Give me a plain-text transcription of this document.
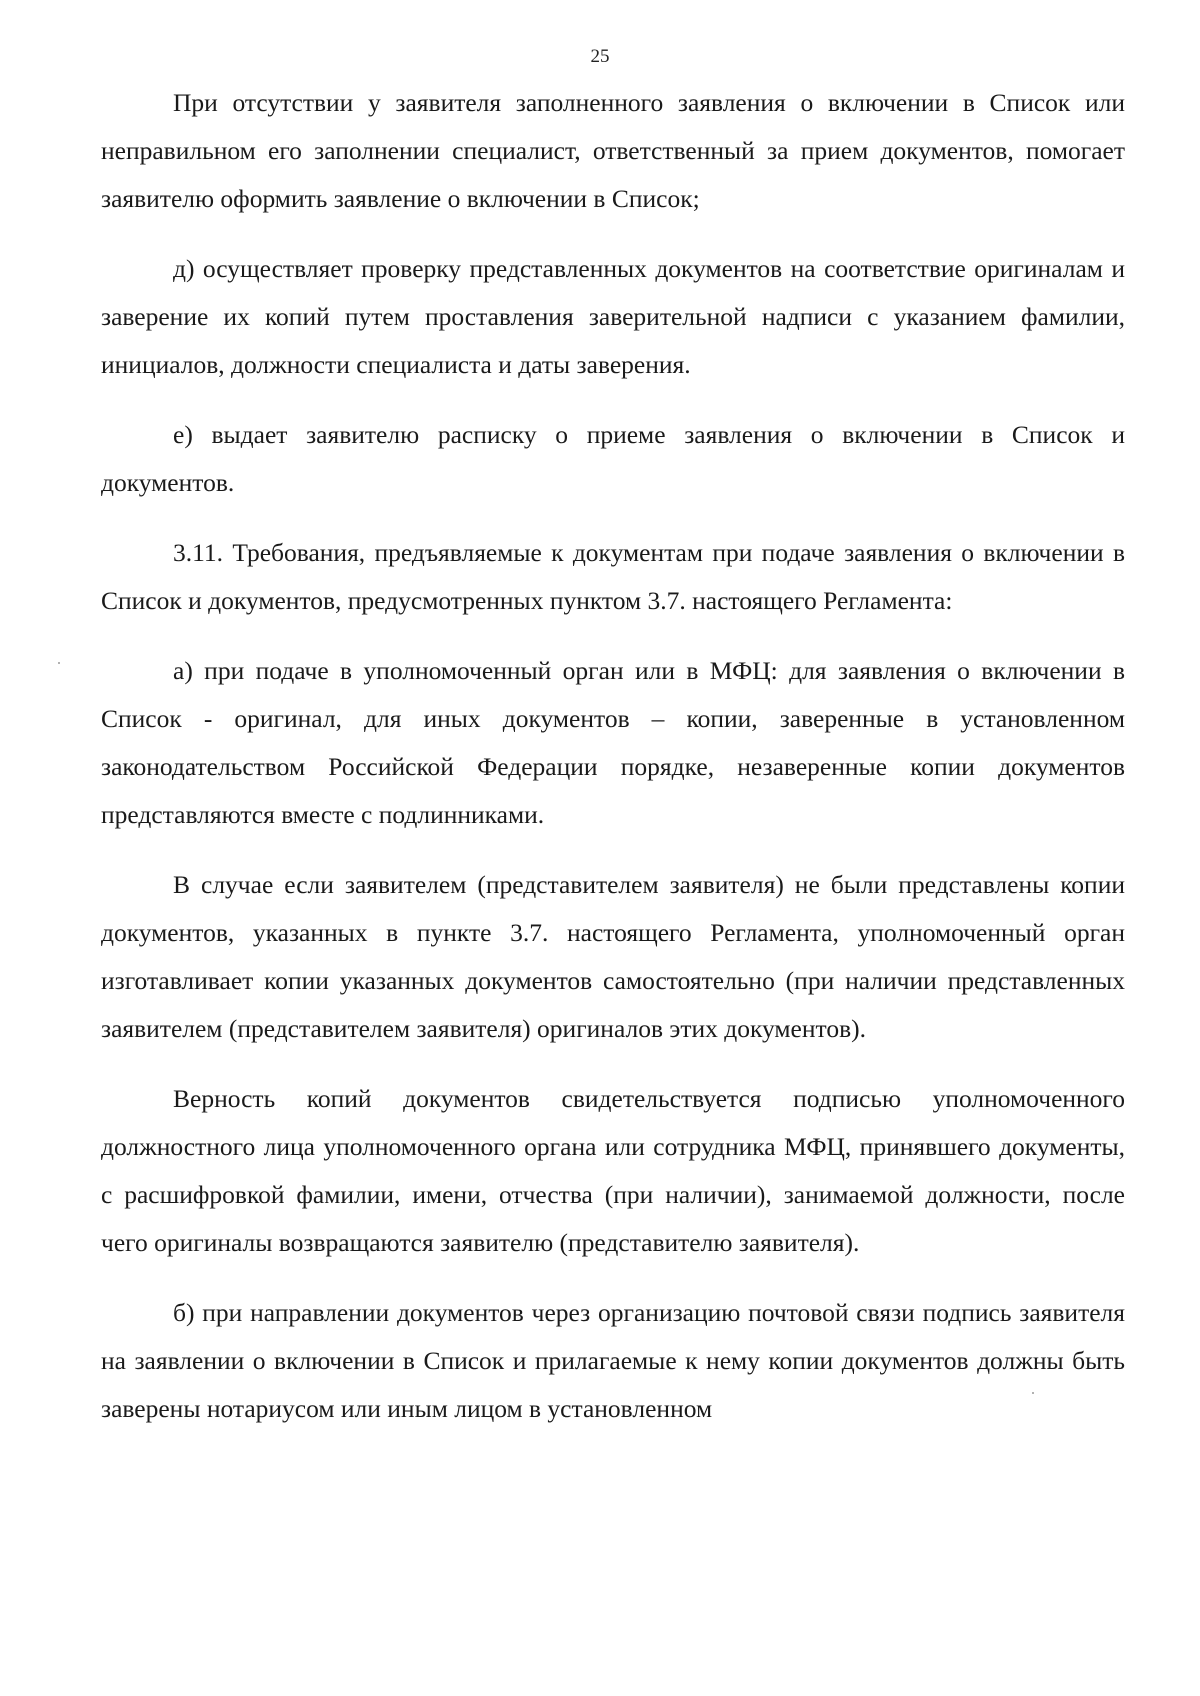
25

При отсутствии у заявителя заполненного заявления о включении в Список или неправильном его заполнении специалист, ответственный за прием документов, помогает заявителю оформить заявление о включении в Список;

д) осуществляет проверку представленных документов на соответствие оригиналам и заверение их копий путем проставления заверительной надписи с указанием фамилии, инициалов, должности специалиста и даты заверения.

е) выдает заявителю расписку о приеме заявления о включении в Список и документов.

3.11. Требования, предъявляемые к документам при подаче заявления о включении в Список и документов, предусмотренных пунктом 3.7. настоящего Регламента:

а) при подаче в уполномоченный орган или в МФЦ: для заявления о включении в Список - оригинал, для иных документов – копии, заверенные в установленном законодательством Российской Федерации порядке, незаверенные копии документов представляются вместе с подлинниками.

В случае если заявителем (представителем заявителя) не были представлены копии документов, указанных в пункте 3.7. настоящего Регламента, уполномоченный орган изготавливает копии указанных документов самостоятельно (при наличии представленных заявителем (представителем заявителя) оригиналов этих документов).

Верность копий документов свидетельствуется подписью уполномоченного должностного лица уполномоченного органа или сотрудника МФЦ, принявшего документы, с расшифровкой фамилии, имени, отчества (при наличии), занимаемой должности, после чего оригиналы возвращаются заявителю (представителю заявителя).

б) при направлении документов через организацию почтовой связи подпись заявителя на заявлении о включении в Список и прилагаемые к нему копии документов должны быть заверены нотариусом или иным лицом в установленном
